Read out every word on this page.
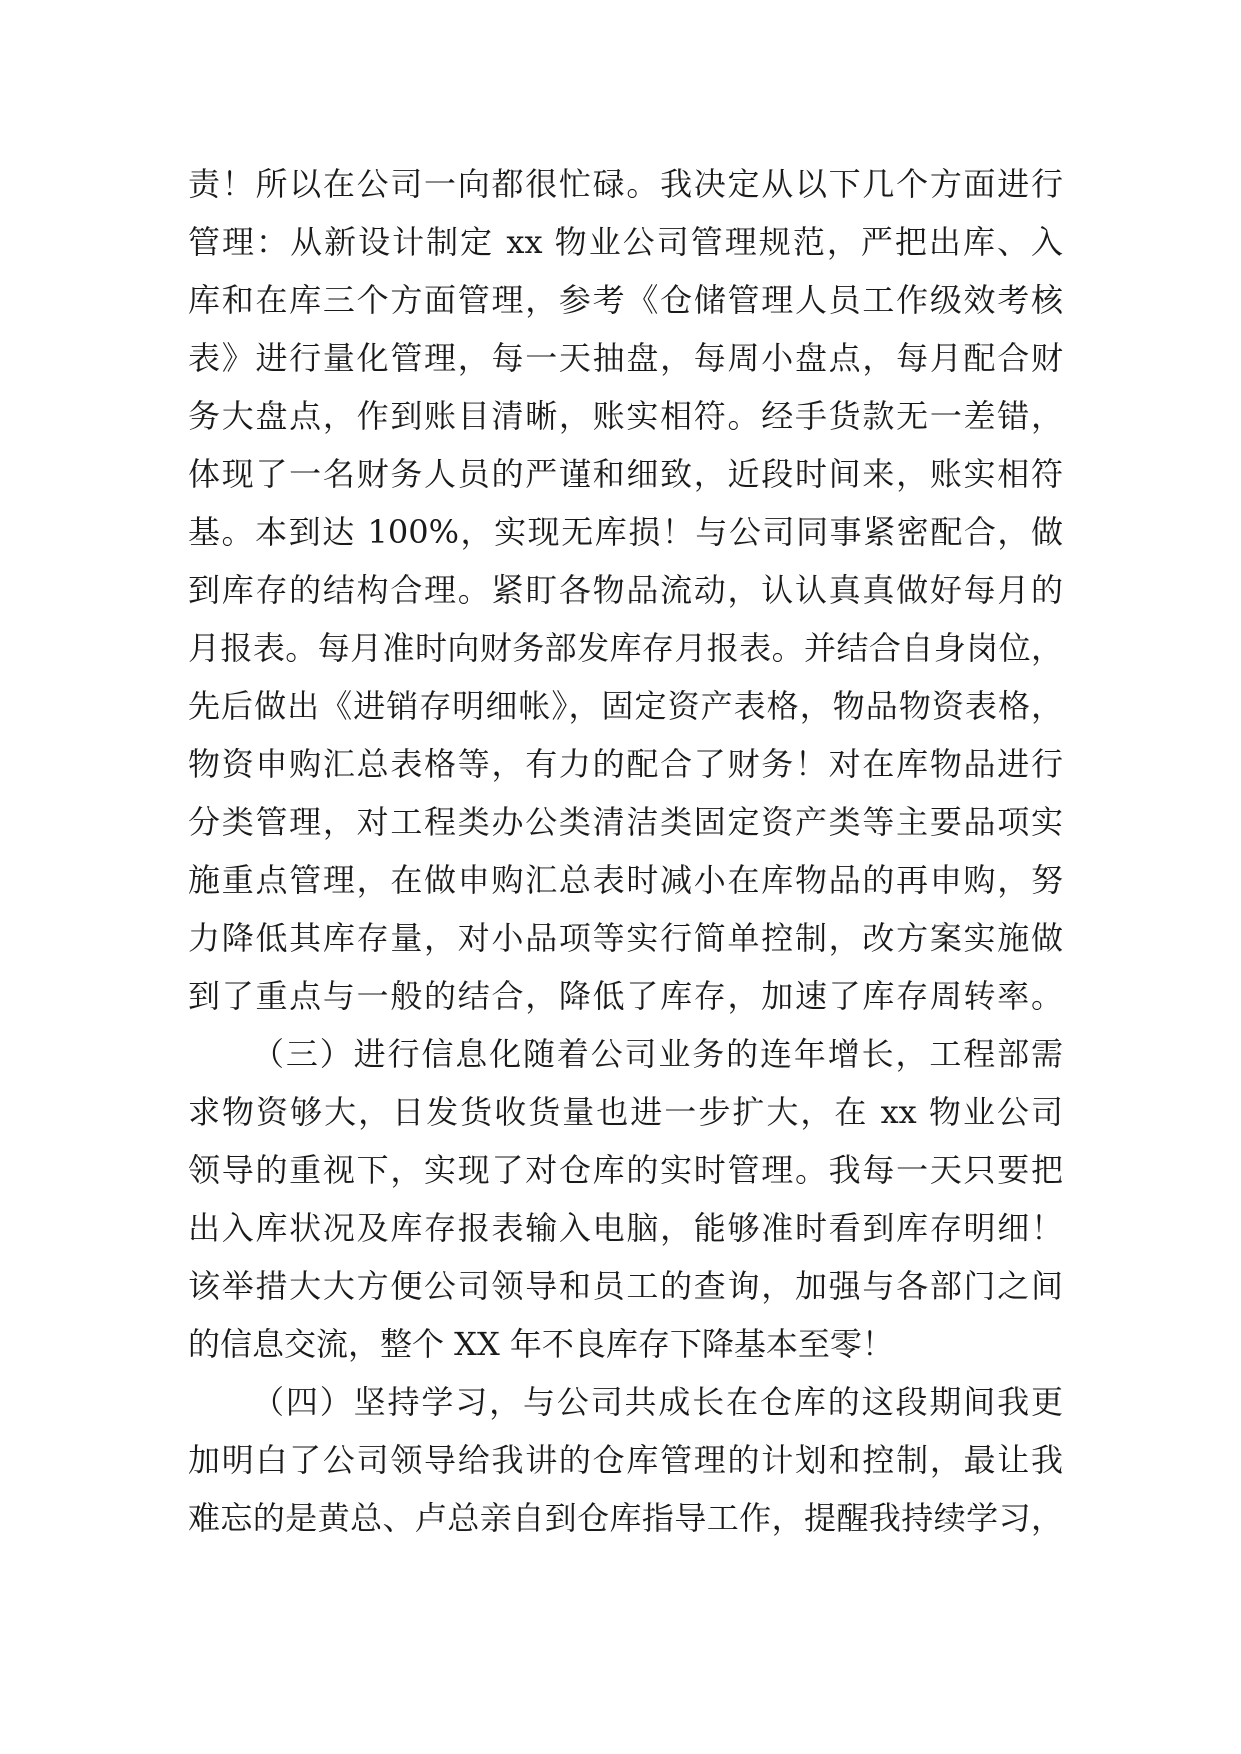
责！所以在公司一向都很忙碌。我决定从以下几个方面进行
管理：从新设计制定 xx 物业公司管理规范，严把出库、入
库和在库三个方面管理，参考《仓储管理人员工作级效考核
表》进行量化管理，每一天抽盘，每周小盘点，每月配合财
务大盘点，作到账目清晰，账实相符。经手货款无一差错，
体现了一名财务人员的严谨和细致，近段时间来，账实相符
基。本到达 100%，实现无库损！与公司同事紧密配合，做
到库存的结构合理。紧盯各物品流动，认认真真做好每月的
月报表。每月准时向财务部发库存月报表。并结合自身岗位，
先后做出《进销存明细帐》，固定资产表格，物品物资表格，
物资申购汇总表格等，有力的配合了财务！对在库物品进行
分类管理，对工程类办公类清洁类固定资产类等主要品项实
施重点管理，在做申购汇总表时减小在库物品的再申购，努
力降低其库存量，对小品项等实行简单控制，改方案实施做
到了重点与一般的结合，降低了库存，加速了库存周转率。
（三）进行信息化随着公司业务的连年增长，工程部需
求物资够大，日发货收货量也进一步扩大，在 xx 物业公司
领导的重视下，实现了对仓库的实时管理。我每一天只要把
出入库状况及库存报表输入电脑，能够准时看到库存明细！
该举措大大方便公司领导和员工的查询，加强与各部门之间
的信息交流，整个 XX 年不良库存下降基本至零！
（四）坚持学习，与公司共成长在仓库的这段期间我更
加明白了公司领导给我讲的仓库管理的计划和控制，最让我
难忘的是黄总、卢总亲自到仓库指导工作，提醒我持续学习，
